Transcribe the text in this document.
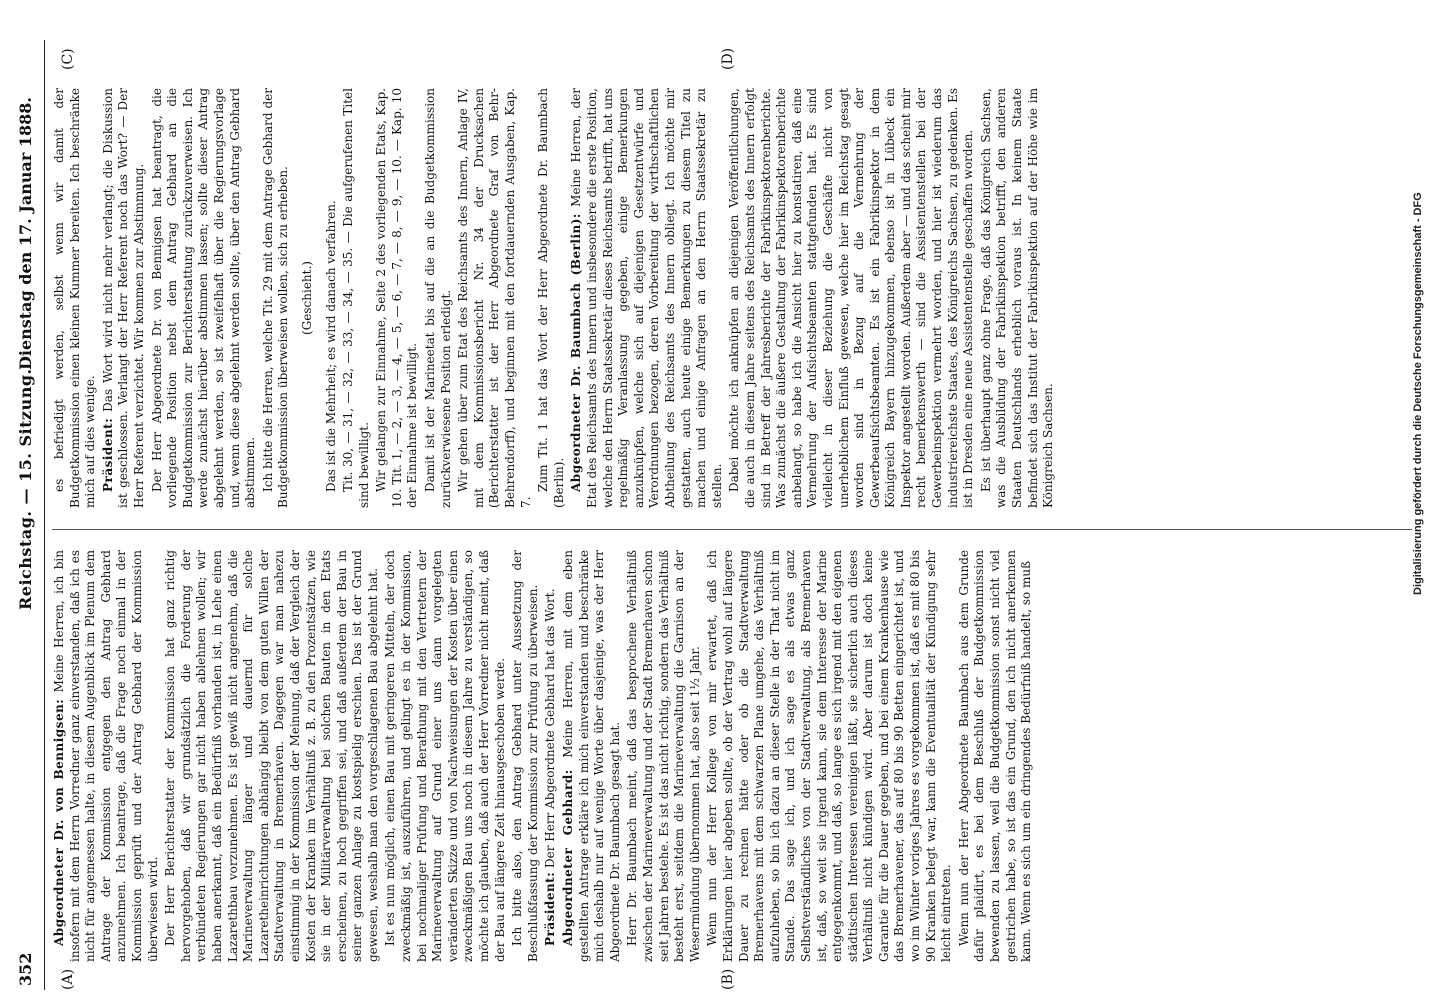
352
Reichstag. — 15. Sitzung.
Dienstag den 17. Januar 1888.
(A)	(B)
(C)	(D)

Abgeordneter Dr. von Bennigsen: Meine Herren, ich bin insofern mit dem Herrn Vorredner ganz einverstanden, daß ich es nicht für angemessen halte, in diesem Augenblick im Plenum dem Antrage der Kommission entgegen den Antrag Gebhard anzunehmen. Ich beantrage, daß die Frage noch einmal in der Kommission geprüft und der Antrag Gebhard der Kommission überwiesen wird. Der Herr Berichterstatter der Kommission hat ganz richtig hervorgehoben, daß wir grundsätzlich die Forderung der verbündeten Regierungen gar nicht haben ablehnen wollen; wir haben anerkannt, daß ein Bedürfniß vorhanden ist, in Lehe einen Lazarethbau vorzunehmen. Es ist gewiß nicht angenehm, daß die Marineverwaltung länger und dauernd für solche Lazaretheinrichtungen abhängig bleibt von dem guten Willen der Stadtverwaltung in Bremerhaven. Dagegen war man nahezu einstimmig in der Kommission der Meinung, daß der Vergleich der Kosten der Kranken im Verhältniß z. B. zu den Prozentsätzen, wie sie in der Militärverwaltung bei solchen Bauten in den Etats erscheinen, zu hoch gegriffen sei, und daß außerdem der Bau in seiner ganzen Anlage zu kostspielig erschien. Das ist der Grund gewesen, weshalb man den vorgeschlagenen Bau abgelehnt hat. Ist es nun möglich, einen Bau mit geringeren Mitteln, der doch zweckmäßig ist, auszuführen, und gelingt es in der Kommission, bei nochmaliger Prüfung und Berathung mit den Vertretern der Marineverwaltung auf Grund einer uns dann vorgelegten veränderten Skizze und von Nachweisungen der Kosten über einen zweckmäßigen Bau uns noch in diesem Jahre zu verständigen, so möchte ich glauben, daß auch der Herr Vorredner nicht meint, daß der Bau auf längere Zeit hinausgeschoben werde. Ich bitte also, den Antrag Gebhard unter Aussetzung der Beschlußfassung der Kommission zur Prüfung zu überweisen. Präsident: Der Herr Abgeordnete Gebhard hat das Wort. Abgeordneter Gebhard: Meine Herren, mit dem eben gestellten Antrage erkläre ich mich einverstanden und beschränke mich deshalb nur auf wenige Worte über dasjenige, was der Herr Abgeordnete Dr. Baumbach gesagt hat. Herr Dr. Baumbach meint, daß das besprochene Verhältniß zwischen der Marineverwaltung und der Stadt Bremerhaven schon seit Jahren bestehe. Es ist das nicht richtig, sondern das Verhältniß besteht erst, seitdem die Marineverwaltung die Garnison an der Wesermündung übernommen hat, also seit 1½ Jahr. Wenn nun der Herr Kollege von mir erwartet, daß ich Erklärungen hier abgeben sollte, ob der Vertrag wohl auf längere Dauer zu rechnen hätte oder ob die Stadtverwaltung Bremerhavens mit dem schwarzen Plane umgehe, das Verhältniß aufzuheben, so bin ich dazu an dieser Stelle in der That nicht im Stande. Das sage ich, und ich sage es als etwas ganz Selbstverständliches von der Stadtverwaltung, als Bremerhaven ist, daß, so weit sie irgend kann, sie dem Interesse der Marine entgegenkommt, und daß, so lange es sich irgend mit den eigenen städtischen Interessen vereinigen läßt, sie sicherlich auch dieses Verhältniß nicht kündigen wird. Aber darum ist doch keine Garantie für die Dauer gegeben, und bei einem Krankenhause wie das Bremerhavener, das auf 80 bis 90 Betten eingerichtet ist, und wo im Winter voriges Jahres es vorgekommen ist, daß es mit 80 bis 90 Kranken belegt war, kann die Eventualität der Kündigung sehr leicht eintreten. Wenn nun der Herr Abgeordnete Baumbach aus dem Grunde dafür plaidirt, es bei dem Beschluß der Budgetkommission bewenden zu lassen, weil die Budgetkommission sonst nicht viel gestrichen habe, so ist das ein Grund, den ich nicht anerkennen kann. Wenn es sich um ein dringendes Bedürfniß handelt, so muß

es befriedigt werden, selbst wenn wir damit der Budgetkommission einen kleinen Kummer bereiten. Ich beschränke mich auf dies wenige. Präsident: Das Wort wird nicht mehr verlangt; die Diskussion ist geschlossen. Verlangt der Herr Referent noch das Wort? — Der Herr Referent verzichtet. Wir kommen zur Abstimmung. Der Herr Abgeordnete Dr. von Bennigsen hat beantragt, die vorliegende Position nebst dem Antrag Gebhard an die Budgetkommission zur Berichterstattung zurückzuverweisen. Ich werde zunächst hierüber abstimmen lassen; sollte dieser Antrag abgelehnt werden, so ist zweifelhaft über die Regierungsvorlage und, wenn diese abgelehnt werden sollte, über den Antrag Gebhard abstimmen. Ich bitte die Herren, welche Tit. 29 mit dem Antrage Gebhard der Budgetkommission überweisen wollen, sich zu erheben. (Geschieht.) Das ist die Mehrheit; es wird danach verfahren. Tit. 30, — 31, — 32, — 33, — 34, — 35. — Die aufgerufenen Titel sind bewilligt. Wir gelangen zur Einnahme, Seite 2 des vorliegenden Etats, Kap. 10. Tit. 1, — 2, — 3, — 4, — 5, — 6, — 7, — 8, — 9, — 10. — Kap. 10 der Einnahme ist bewilligt. Damit ist der Marineetat bis auf die an die Budgetkommission zurückverwiesene Position erledigt. Wir gehen über zum Etat des Reichsamts des Innern, Anlage IV, mit dem Kommissionsbericht Nr. 34 der Drucksachen (Berichterstatter ist der Herr Abgeordnete Graf von Behr-Behrendorff), und beginnen mit den fortdauernden Ausgaben, Kap. 7.

Zum Tit. 1 hat das Wort der Herr Abgeordnete Dr. Baumbach (Berlin). Abgeordneter Dr. Baumbach (Berlin): Meine Herren, der Etat des Reichsamts des Innern und insbesondere die erste Position, welche den Herrn Staatssekretär dieses Reichsamts betrifft, hat uns regelmäßig Veranlassung gegeben, einige Bemerkungen anzuknüpfen, welche sich auf diejenigen Gesetzentwürfe und Verordnungen bezogen, deren Vorbereitung der wirthschaftlichen Abtheilung des Reichsamts des Innern obliegt. Ich möchte mir gestatten, auch heute einige Bemerkungen zu diesem Titel zu machen und einige Anfragen an den Herrn Staatssekretär zu stellen. Dabei möchte ich anknüpfen an diejenigen Veröffentlichungen, die auch in diesem Jahre seitens des Reichsamts des Innern erfolgt sind in Betreff der Jahresberichte der Fabrikinspektorenberichte. Was zunächst die äußere Gestaltung der Fabrikinspektorenberichte anbelangt, so habe ich die Ansicht hier zu konstatiren, daß eine Vermehrung der Aufsichtsbeamten stattgefunden hat. Es sind vielleicht in dieser Beziehung die Geschäfte nicht von unerheblichem Einfluß gewesen, welche hier im Reichstag gesagt worden sind in Bezug auf die Vermehrung der Gewerbeaufsichtsbeamten. Es ist ein Fabrikinspektor in dem Königreich Bayern hinzugekommen, ebenso ist in Lübeck ein Inspektor angestellt worden. Außerdem aber — und das scheint mir recht bemerkenswerth — sind die Assistentenstellen bei der Gewerbeinspektion vermehrt worden, und hier ist wiederum das industriereichste Staates, des Königreichs Sachsen, zu gedenken. Es ist in Dresden eine neue Assistentenstelle geschaffen worden. Es ist überhaupt ganz ohne Frage, daß das Königreich Sachsen, was die Ausbildung der Fabrikinspektion betrifft, den anderen Staaten Deutschlands erheblich voraus ist. In keinem Staate befindet sich das Institut der Fabrikinspektion auf der Höhe wie im Königreich Sachsen.	Digitalisierung gefördert durch die Deutsche Forschungsgemeinschaft - DFG
